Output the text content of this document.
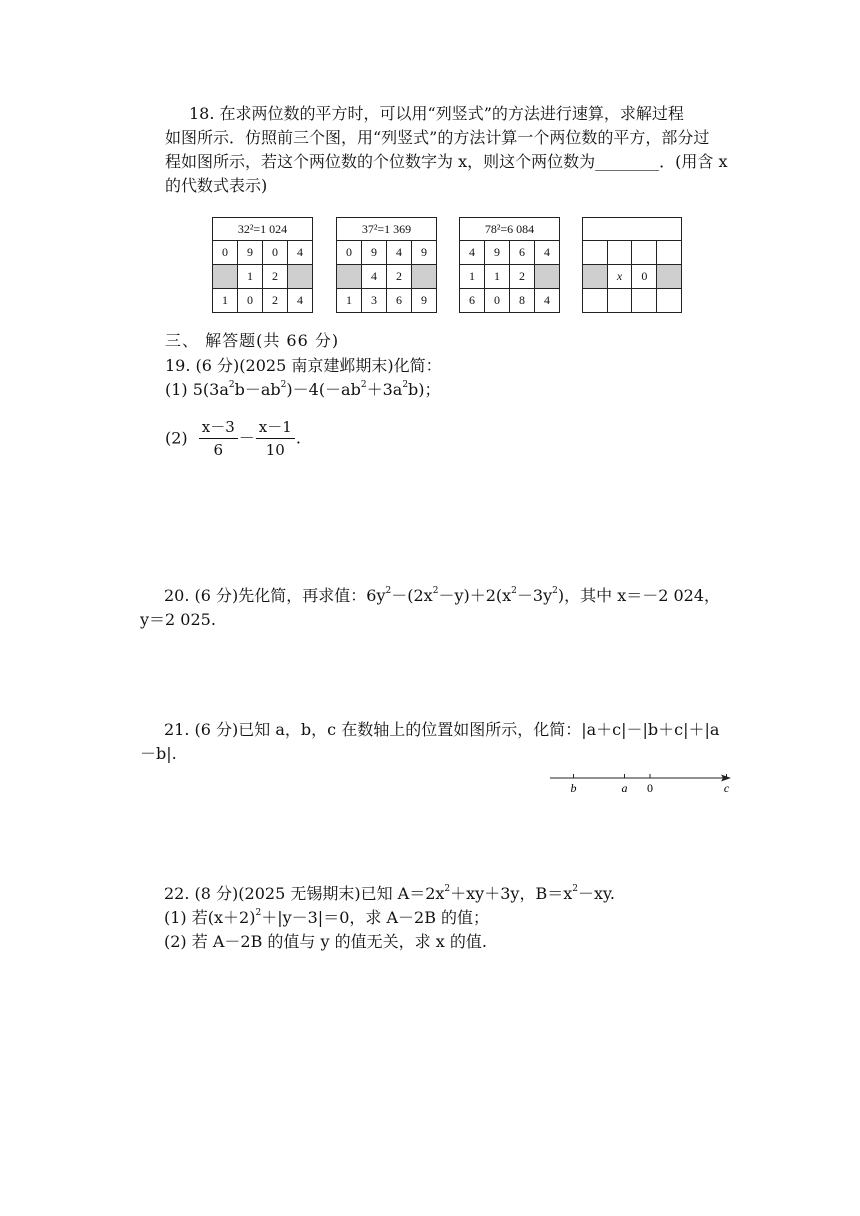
18. 在求两位数的平方时，可以用“列竖式”的方法进行速算，求解过程
如图所示．仿照前三个图，用“列竖式”的方法计算一个两位数的平方，部分过
程如图所示，若这个两位数的个位数字为 x，则这个两位数为________．(用含 x
的代数式表示)
32²=1 024			
0	9	0	4
	1	2	
1	0	2	4
37²=1 369			
0	9	4	9
	4	2	
1	3	6	9
78²=6 084			
4	9	6	4
1	1	2	
6	0	8	4

	x	0	

三、 解答题(共 66 分)
19. (6 分)(2025 南京建邺期末)化简：
(1) $5(3a^2b-ab^2)-4(-ab^2+3a^2b)$；
$(2) \frac{x-3}{6} - \frac{x-1}{10}$ .
20. (6 分)先化简，再求值：$6y^2-(2x^2-y)+2(x^2-3y^2)$，其中 x＝－2 024，
y＝2 025.
21. (6 分)已知 a，b，c 在数轴上的位置如图所示，化简：|a＋c|－|b＋c|＋|a
－b|.
b	a 0	c
22. (8 分)(2025 无锡期末)已知 $A=2x^2+xy+3y$，$B=x^2-xy$.
(1) 若$(x+2)^2+|y-3|=0$，求 A－2B 的值；
(2) 若 A－2B 的值与 y 的值无关，求 x 的值.
